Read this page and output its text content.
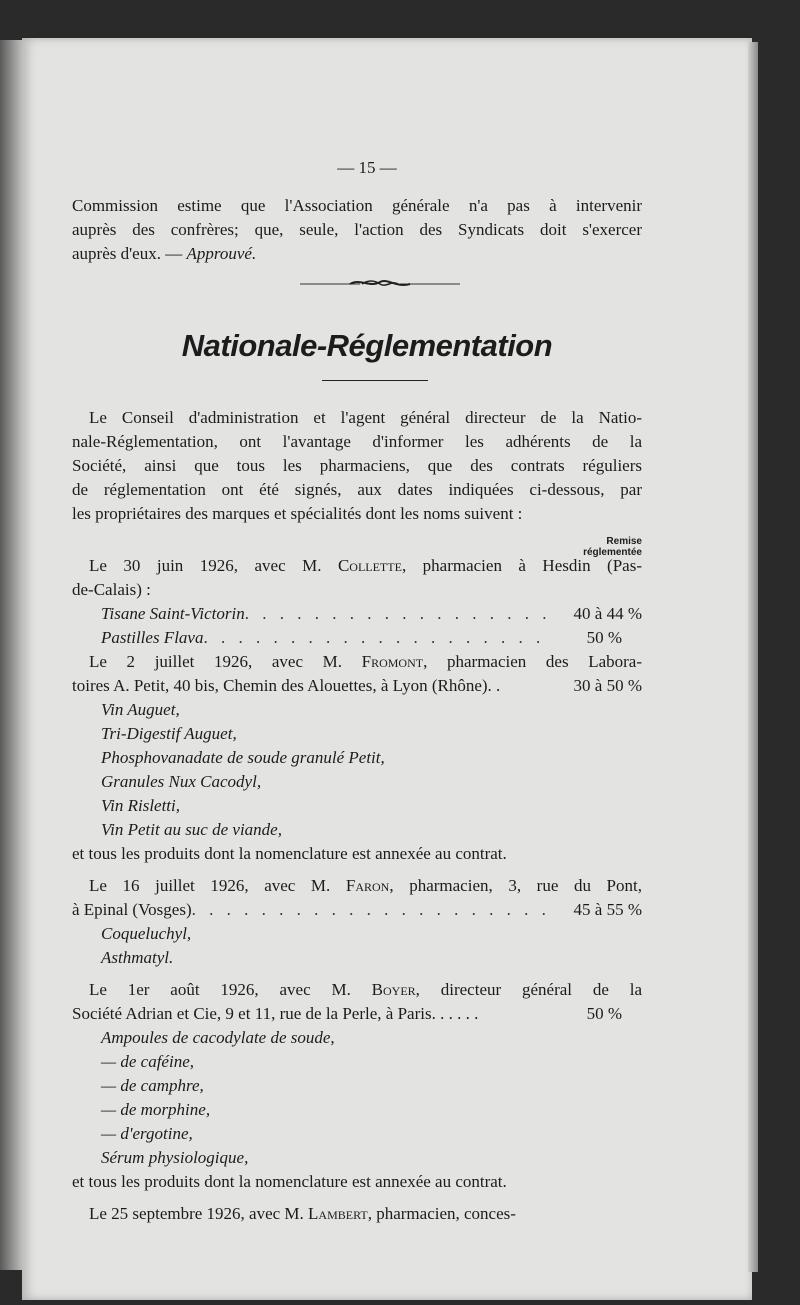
— 15 —
Commission estime que l'Association générale n'a pas à intervenir
auprès des confrères; que, seule, l'action des Syndicats doit s'exercer
auprès d'eux. — Approuvé.
Nationale-Réglementation
Le Conseil d'administration et l'agent général directeur de la Natio-
nale-Réglementation, ont l'avantage d'informer les adhérents de la
Société, ainsi que tous les pharmaciens, que des contrats réguliers
de réglementation ont été signés, aux dates indiquées ci-dessous, par
les propriétaires des marques et spécialités dont les noms suivent :
Remise
réglementée
Le 30 juin 1926, avec M. Collette, pharmacien à Hesdin (Pas-
de-Calais) :
Tisane Saint-Victorin . . .	40 à 44 %
Pastilles Flava . . .	50 %
Le 2 juillet 1926, avec M. Fromont, pharmacien des Labora-
toires A. Petit, 40 bis, Chemin des Alouettes, à Lyon (Rhône). .	30 à 50 %
Vin Auguet,
Tri-Digestif Auguet,
Phosphovanadate de soude granulé Petit,
Granules Nux Cacodyl,
Vin Risletti,
Vin Petit au suc de viande,
et tous les produits dont la nomenclature est annexée au contrat.
Le 16 juillet 1926, avec M. Faron, pharmacien, 3, rue du Pont,
à Epinal (Vosges) . . .	45 à 55 %
Coqueluchyl,
Asthmatyl.
Le 1er août 1926, avec M. Boyer, directeur général de la
Société Adrian et Cie, 9 et 11, rue de la Perle, à Paris. . . . . .	50 %
Ampoules de cacodylate de soude,
— de caféine,
— de camphre,
— de morphine,
— d'ergotine,
Sérum physiologique,
et tous les produits dont la nomenclature est annexée au contrat.
Le 25 septembre 1926, avec M. Lambert, pharmacien, conces-
